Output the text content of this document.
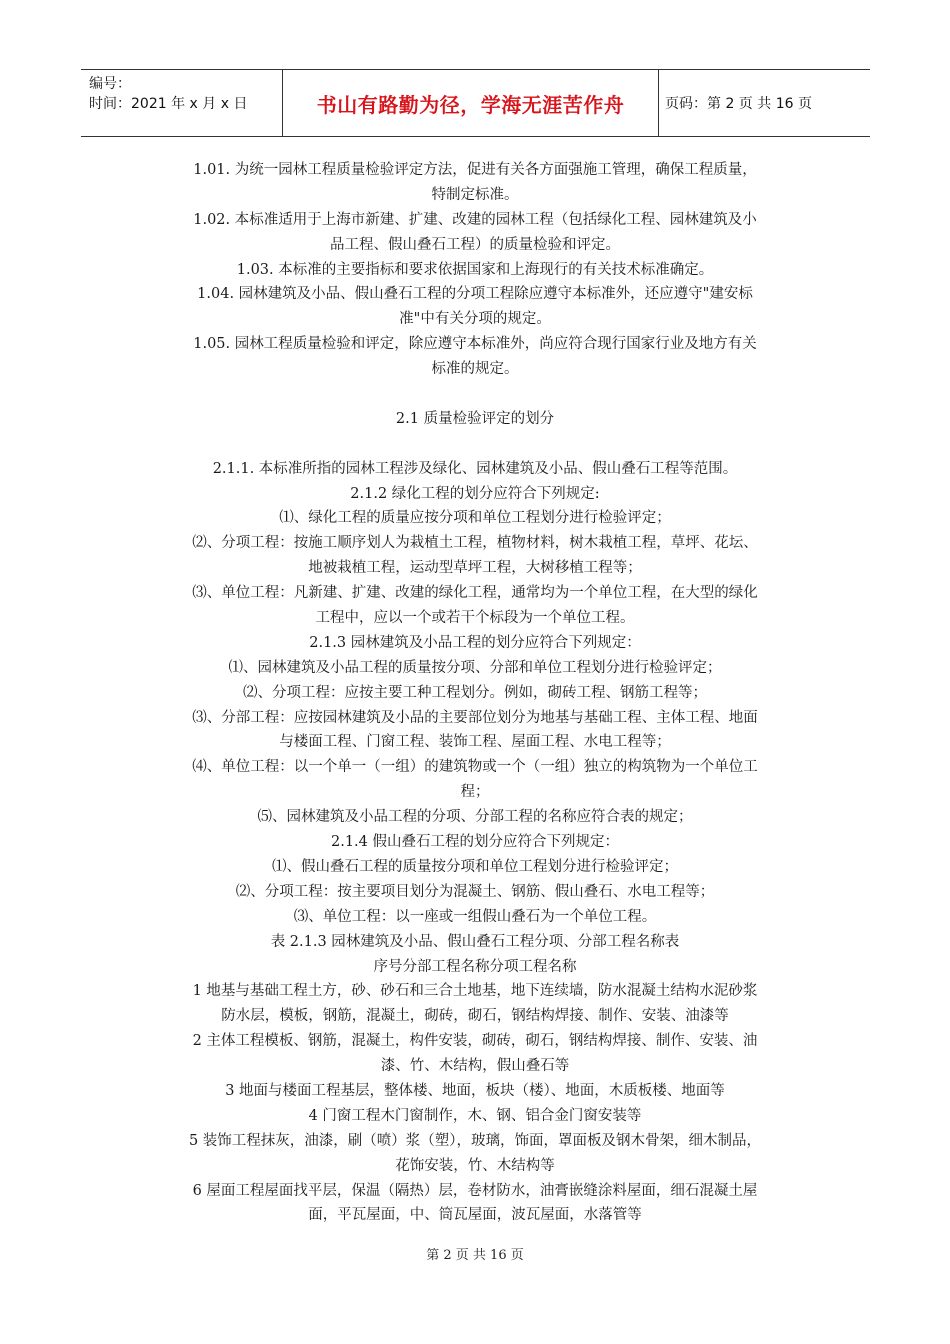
编号：
时间：2021 年 x 月 x 日	书山有路勤为径，学海无涯苦作舟	页码：第 2 页 共 16 页
1.01. 为统一园林工程质量检验评定方法，促进有关各方面强施工管理，确保工程质量，
特制定标准。
1.02. 本标准适用于上海市新建、扩建、改建的园林工程（包括绿化工程、园林建筑及小
品工程、假山叠石工程）的质量检验和评定。
1.03. 本标准的主要指标和要求依据国家和上海现行的有关技术标准确定。
1.04. 园林建筑及小品、假山叠石工程的分项工程除应遵守本标准外，还应遵守"建安标
准"中有关分项的规定。
1.05. 园林工程质量检验和评定，除应遵守本标准外，尚应符合现行国家行业及地方有关
标准的规定。
2.1 质量检验评定的划分
2.1.1. 本标准所指的园林工程涉及绿化、园林建筑及小品、假山叠石工程等范围。
2.1.2 绿化工程的划分应符合下列规定:
⑴、绿化工程的质量应按分项和单位工程划分进行检验评定；
⑵、分项工程：按施工顺序划人为栽植土工程，植物材料，树木栽植工程，草坪、花坛、
地被栽植工程，运动型草坪工程，大树移植工程等；
⑶、单位工程：凡新建、扩建、改建的绿化工程，通常均为一个单位工程，在大型的绿化
工程中，应以一个或若干个标段为一个单位工程。
2.1.3 园林建筑及小品工程的划分应符合下列规定：
⑴、园林建筑及小品工程的质量按分项、分部和单位工程划分进行检验评定；
⑵、分项工程：应按主要工种工程划分。例如，砌砖工程、钢筋工程等；
⑶、分部工程：应按园林建筑及小品的主要部位划分为地基与基础工程、主体工程、地面
与楼面工程、门窗工程、装饰工程、屋面工程、水电工程等；
⑷、单位工程：以一个单一（一组）的建筑物或一个（一组）独立的构筑物为一个单位工
程；
⑸、园林建筑及小品工程的分项、分部工程的名称应符合表的规定；
2.1.4 假山叠石工程的划分应符合下列规定：
⑴、假山叠石工程的质量按分项和单位工程划分进行检验评定；
⑵、分项工程：按主要项目划分为混凝土、钢筋、假山叠石、水电工程等；
⑶、单位工程：以一座或一组假山叠石为一个单位工程。
表 2.1.3 园林建筑及小品、假山叠石工程分项、分部工程名称表
序号分部工程名称分项工程名称
1 地基与基础工程土方，砂、砂石和三合土地基，地下连续墙，防水混凝土结构水泥砂浆
防水层，模板，钢筋，混凝土，砌砖，砌石，钢结构焊接、制作、安装、油漆等
2 主体工程模板、钢筋，混凝土，构件安装，砌砖，砌石，钢结构焊接、制作、安装、油
漆、竹、木结构，假山叠石等
3 地面与楼面工程基层，整体楼、地面，板块（楼）、地面，木质板楼、地面等
4 门窗工程木门窗制作，木、钢、铝合金门窗安装等
5 装饰工程抹灰，油漆，刷（喷）浆（塑），玻璃，饰面，罩面板及钢木骨架，细木制品，
花饰安装，竹、木结构等
6 屋面工程屋面找平层，保温（隔热）层，卷材防水，油膏嵌缝涂料屋面，细石混凝土屋
面，平瓦屋面，中、筒瓦屋面，波瓦屋面，水落管等
第 2 页 共 16 页
